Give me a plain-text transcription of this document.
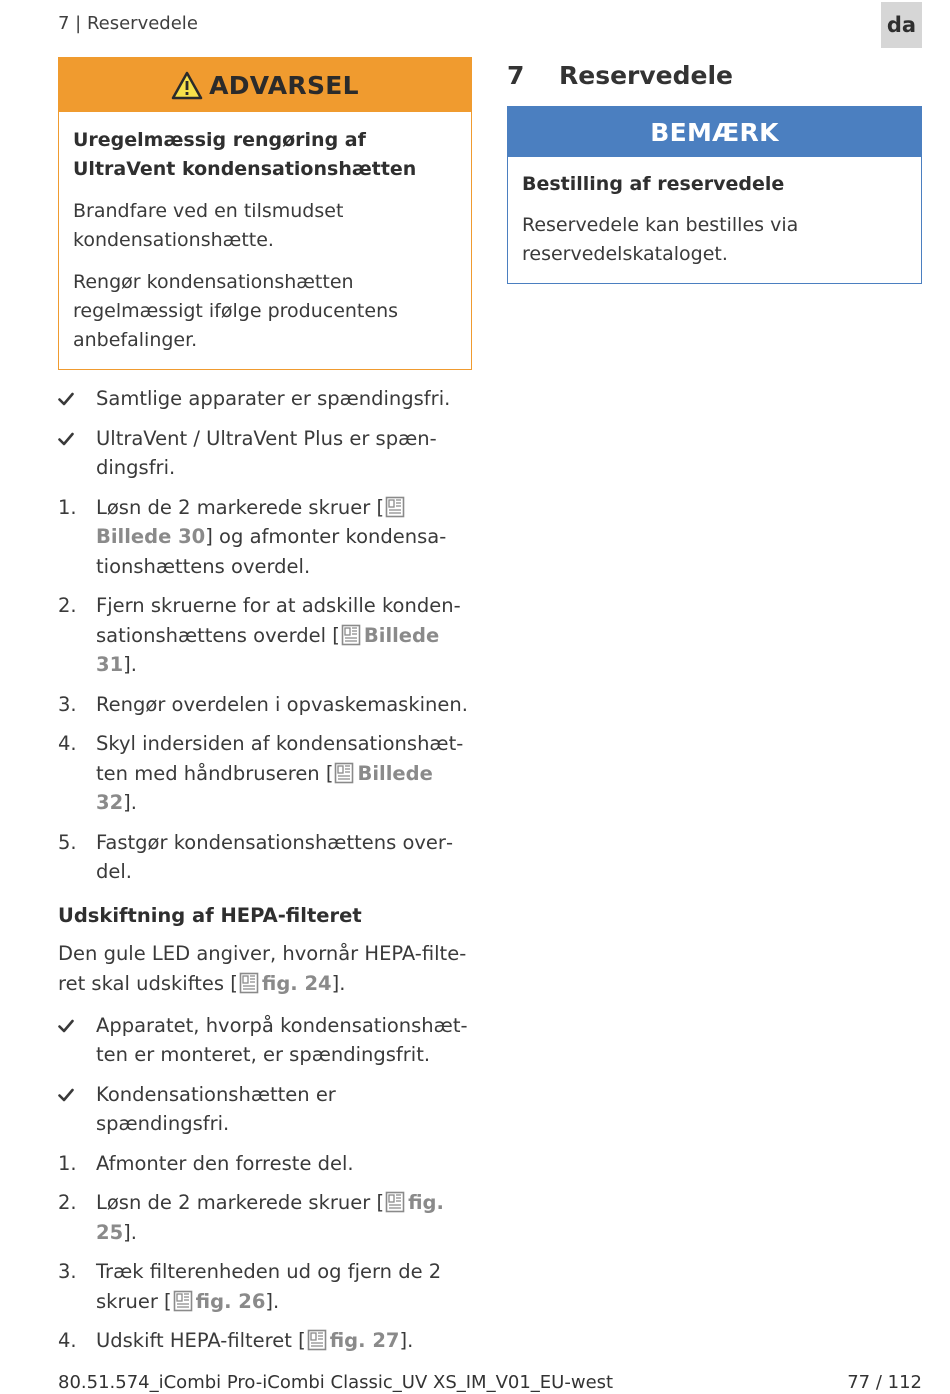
7 | Reservedele	da
ADVARSEL
Uregelmæssig rengøring af UltraVent kondensationshætten
Brandfare ved en tilsmudset kondensationshætte.
Rengør kondensationshætten regelmæssigt ifølge producentens anbefalinger.
Samtlige apparater er spændingsfri.
UltraVent / UltraVent Plus er spændingsfri.
1. Løsn de 2 markerede skruer [Billede 30] og afmonter kondensationshættens overdel.
2. Fjern skruerne for at adskille kondensationshættens overdel [ Billede 31].
3. Rengør overdelen i opvaskemaskinen.
4. Skyl indersiden af kondensationshætten med håndbruseren [ Billede 32].
5. Fastgør kondensationshættens overdel.
Udskiftning af HEPA-filteret
Den gule LED angiver, hvornår HEPA-filteret skal udskiftes [ fig. 24].
Apparatet, hvorpå kondensationshætten er monteret, er spændingsfrit.
Kondensationshætten er spændingsfri.
1. Afmonter den forreste del.
2. Løsn de 2 markerede skruer [ fig. 25].
3. Træk filterenheden ud og fjern de 2 skruer [ fig. 26].
4. Udskift HEPA-filteret [ fig. 27].
7	Reservedele
BEMÆRK
Bestilling af reservedele
Reservedele kan bestilles via reservedelskataloget.
80.51.574_iCombi Pro-iCombi Classic_UV XS_IM_V01_EU-west	77 / 112
